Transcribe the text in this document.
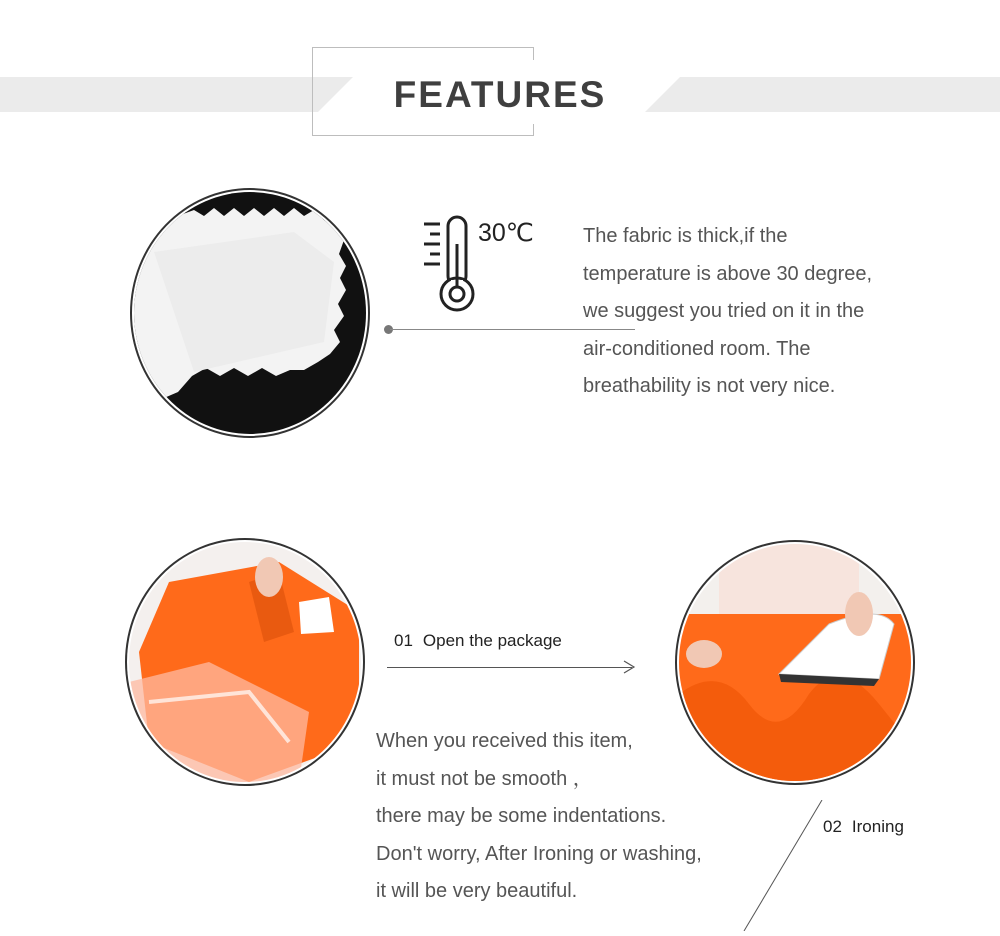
FEATURES
30℃ The fabric is thick,if the
temperature is above 30 degree,
we suggest you tried on it in the
air-conditioned room. The
breathability is not very nice.
01 Open the package
02 Ironing
When you received this item,
it must not be smooth ，
there may be some indentations.
Don't worry, After Ironing or washing,
it will be very beautiful.
